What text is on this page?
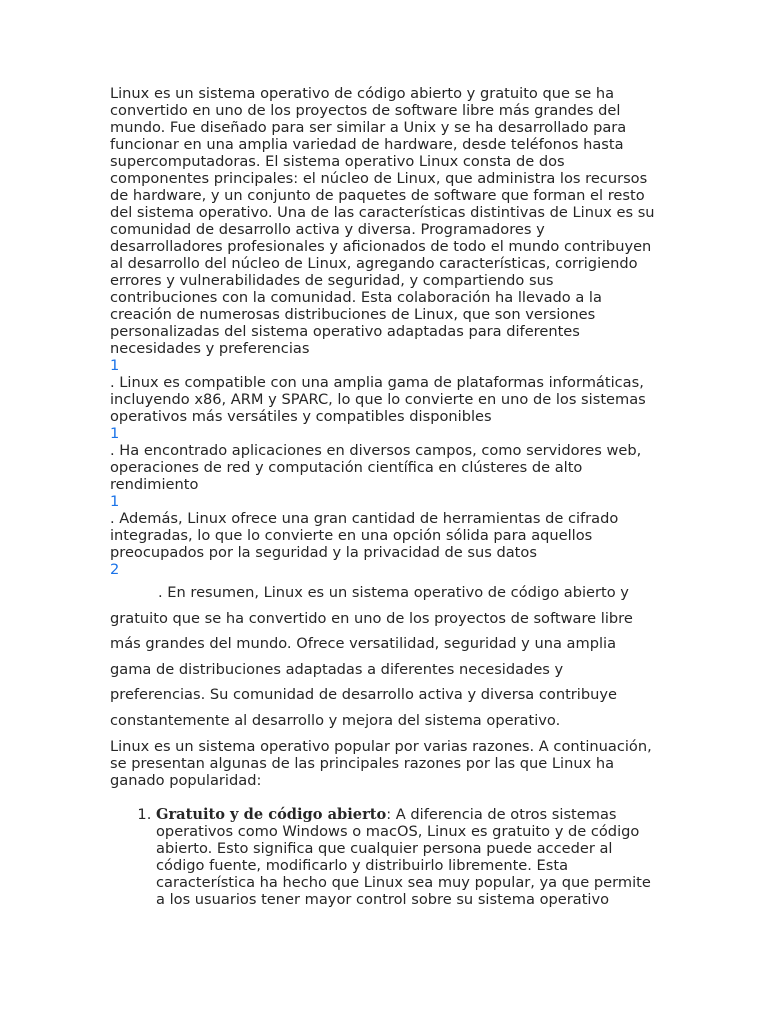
Linux es un sistema operativo de código abierto y gratuito que se ha convertido en uno de los proyectos de software libre más grandes del mundo. Fue diseñado para ser similar a Unix y se ha desarrollado para funcionar en una amplia variedad de hardware, desde teléfonos hasta supercomputadoras. El sistema operativo Linux consta de dos componentes principales: el núcleo de Linux, que administra los recursos de hardware, y un conjunto de paquetes de software que forman el resto del sistema operativo. Una de las características distintivas de Linux es su comunidad de desarrollo activa y diversa. Programadores y desarrolladores profesionales y aficionados de todo el mundo contribuyen al desarrollo del núcleo de Linux, agregando características, corrigiendo errores y vulnerabilidades de seguridad, y compartiendo sus contribuciones con la comunidad. Esta colaboración ha llevado a la creación de numerosas distribuciones de Linux, que son versiones personalizadas del sistema operativo adaptadas para diferentes necesidades y preferencias

1

. Linux es compatible con una amplia gama de plataformas informáticas, incluyendo x86, ARM y SPARC, lo que lo convierte en uno de los sistemas operativos más versátiles y compatibles disponibles

1

. Ha encontrado aplicaciones en diversos campos, como servidores web, operaciones de red y computación científica en clústeres de alto rendimiento

1

. Además, Linux ofrece una gran cantidad de herramientas de cifrado integradas, lo que lo convierte en una opción sólida para aquellos preocupados por la seguridad y la privacidad de sus datos

2

. En resumen, Linux es un sistema operativo de código abierto y gratuito que se ha convertido en uno de los proyectos de software libre más grandes del mundo. Ofrece versatilidad, seguridad y una amplia gama de distribuciones adaptadas a diferentes necesidades y preferencias. Su comunidad de desarrollo activa y diversa contribuye constantemente al desarrollo y mejora del sistema operativo.

Linux es un sistema operativo popular por varias razones. A continuación, se presentan algunas de las principales razones por las que Linux ha ganado popularidad:

1. Gratuito y de código abierto: A diferencia de otros sistemas operativos como Windows o macOS, Linux es gratuito y de código abierto. Esto significa que cualquier persona puede acceder al código fuente, modificarlo y distribuirlo libremente. Esta característica ha hecho que Linux sea muy popular, ya que permite a los usuarios tener mayor control sobre su sistema operativo
